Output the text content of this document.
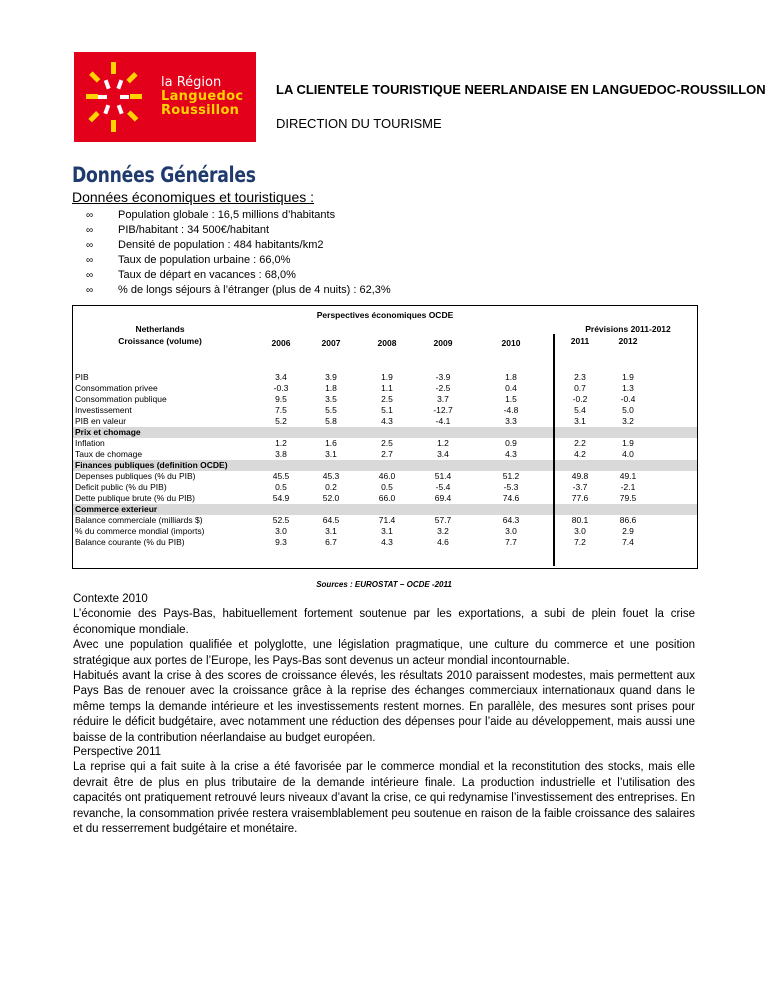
la Région
Languedoc
Roussillon
LA CLIENTELE TOURISTIQUE NEERLANDAISE EN LANGUEDOC-ROUSSILLON
DIRECTION DU TOURISME
Données Générales
Données économiques et touristiques :
∞ Population globale : 16,5 millions d’habitants
∞ PIB/habitant : 34 500€/habitant
∞ Densité de population : 484 habitants/km2
∞ Taux de population urbaine : 66,0%
∞ Taux de départ en vacances : 68,0%
∞ % de longs séjours à l’étranger (plus de 4 nuits) : 62,3%
Perspectives économiques OCDE
Netherlands
Croissance (volume)
Prévisions 2011-2012
2006	2007	2008	2009	2010	2011	2012
PIB	3.4	3.9	1.9	-3.9	1.8	2.3	1.9
Consommation privee	-0.3	1.8	1.1	-2.5	0.4	0.7	1.3
Consommation publique	9.5	3.5	2.5	3.7	1.5	-0.2	-0.4
Investissement	7.5	5.5	5.1	-12.7	-4.8	5.4	5.0
PIB en valeur	5.2	5.8	4.3	-4.1	3.3	3.1	3.2
Prix et chomage
Inflation	1.2	1.6	2.5	1.2	0.9	2.2	1.9
Taux de chomage	3.8	3.1	2.7	3.4	4.3	4.2	4.0
Finances publiques (definition OCDE)
Depenses publiques (% du PIB)	45.5	45.3	46.0	51.4	51.2	49.8	49.1
Deficit public (% du PIB)	0.5	0.2	0.5	-5.4	-5.3	-3.7	-2.1
Dette publique brute (% du PIB)	54.9	52.0	66.0	69.4	74.6	77.6	79.5
Commerce exterieur
Balance commerciale (milliards $)	52.5	64.5	71.4	57.7	64.3	80.1	86.6
% du commerce mondial (imports)	3.0	3.1	3.1	3.2	3.0	3.0	2.9
Balance courante (% du PIB)	9.3	6.7	4.3	4.6	7.7	7.2	7.4
Sources : EUROSTAT – OCDE -2011

Contexte 2010

L’économie des Pays-Bas, habituellement fortement soutenue par les exportations, a subi de plein fouet la crise économique mondiale.

Avec une population qualifiée et polyglotte, une législation pragmatique, une culture du commerce et une position stratégique aux portes de l’Europe, les Pays-Bas sont devenus un acteur mondial incontournable.

Habitués avant la crise à des scores de croissance élevés, les résultats 2010 paraissent modestes, mais permettent aux Pays Bas de renouer avec la croissance grâce à la reprise des échanges commerciaux internationaux quand dans le même temps la demande intérieure et les investissements restent mornes. En parallèle, des mesures sont prises pour réduire le déficit budgétaire, avec notamment une réduction des dépenses pour l’aide au développement, mais aussi une baisse de la contribution néerlandaise au budget européen.

Perspective 2011

La reprise qui a fait suite à la crise a été favorisée par le commerce mondial et la reconstitution des stocks, mais elle devrait être de plus en plus tributaire de la demande intérieure finale. La production industrielle et l’utilisation des capacités ont pratiquement retrouvé leurs niveaux d’avant la crise, ce qui redynamise l’investissement des entreprises. En revanche, la consommation privée restera vraisemblablement peu soutenue en raison de la faible croissance des salaires et du resserrement budgétaire et monétaire.
